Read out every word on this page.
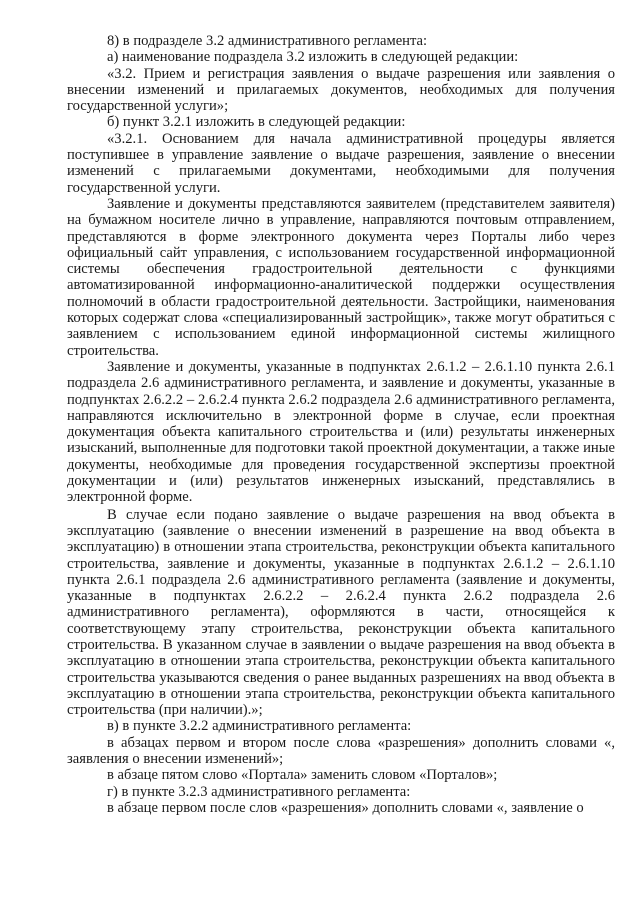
8) в подразделе 3.2 административного регламента:

а) наименование подраздела 3.2 изложить в следующей редакции:

«3.2. Прием и регистрация заявления о выдаче разрешения или заявления о внесении изменений и прилагаемых документов, необходимых для получения государственной услуги»;

б) пункт 3.2.1 изложить в следующей редакции:

«3.2.1. Основанием для начала административной процедуры является поступившее в управление заявление о выдаче разрешения, заявление о внесении изменений с прилагаемыми документами, необходимыми для получения государственной услуги.

Заявление и документы представляются заявителем (представителем заявителя) на бумажном носителе лично в управление, направляются почтовым отправлением, представляются в форме электронного документа через Порталы либо через официальный сайт управления, с использованием государственной информационной системы обеспечения градостроительной деятельности с функциями автоматизированной информационно-аналитической поддержки осуществления полномочий в области градостроительной деятельности. Застройщики, наименования которых содержат слова «специализированный застройщик», также могут обратиться с заявлением с использованием единой информационной системы жилищного строительства.

Заявление и документы, указанные в подпунктах 2.6.1.2 – 2.6.1.10 пункта 2.6.1 подраздела 2.6 административного регламента, и заявление и документы, указанные в подпунктах 2.6.2.2 – 2.6.2.4 пункта 2.6.2 подраздела 2.6 административного регламента, направляются исключительно в электронной форме в случае, если проектная документация объекта капитального строительства и (или) результаты инженерных изысканий, выполненные для подготовки такой проектной документации, а также иные документы, необходимые для проведения государственной экспертизы проектной документации и (или) результатов инженерных изысканий, представлялись в электронной форме.

В случае если подано заявление о выдаче разрешения на ввод объекта в эксплуатацию (заявление о внесении изменений в разрешение на ввод объекта в эксплуатацию) в отношении этапа строительства, реконструкции объекта капитального строительства, заявление и документы, указанные в подпунктах 2.6.1.2 – 2.6.1.10 пункта 2.6.1 подраздела 2.6 административного регламента (заявление и документы, указанные в подпунктах 2.6.2.2 – 2.6.2.4 пункта 2.6.2 подраздела 2.6 административного регламента), оформляются в части, относящейся к соответствующему этапу строительства, реконструкции объекта капитального строительства. В указанном случае в заявлении о выдаче разрешения на ввод объекта в эксплуатацию в отношении этапа строительства, реконструкции объекта капитального строительства указываются сведения о ранее выданных разрешениях на ввод объекта в эксплуатацию в отношении этапа строительства, реконструкции объекта капитального строительства (при наличии).»;

в) в пункте 3.2.2 административного регламента:

в абзацах первом и втором после слова «разрешения» дополнить словами «, заявления о внесении изменений»;

в абзаце пятом слово «Портала» заменить словом «Порталов»;

г) в пункте 3.2.3 административного регламента:

в абзаце первом после слов «разрешения» дополнить словами «, заявление о
